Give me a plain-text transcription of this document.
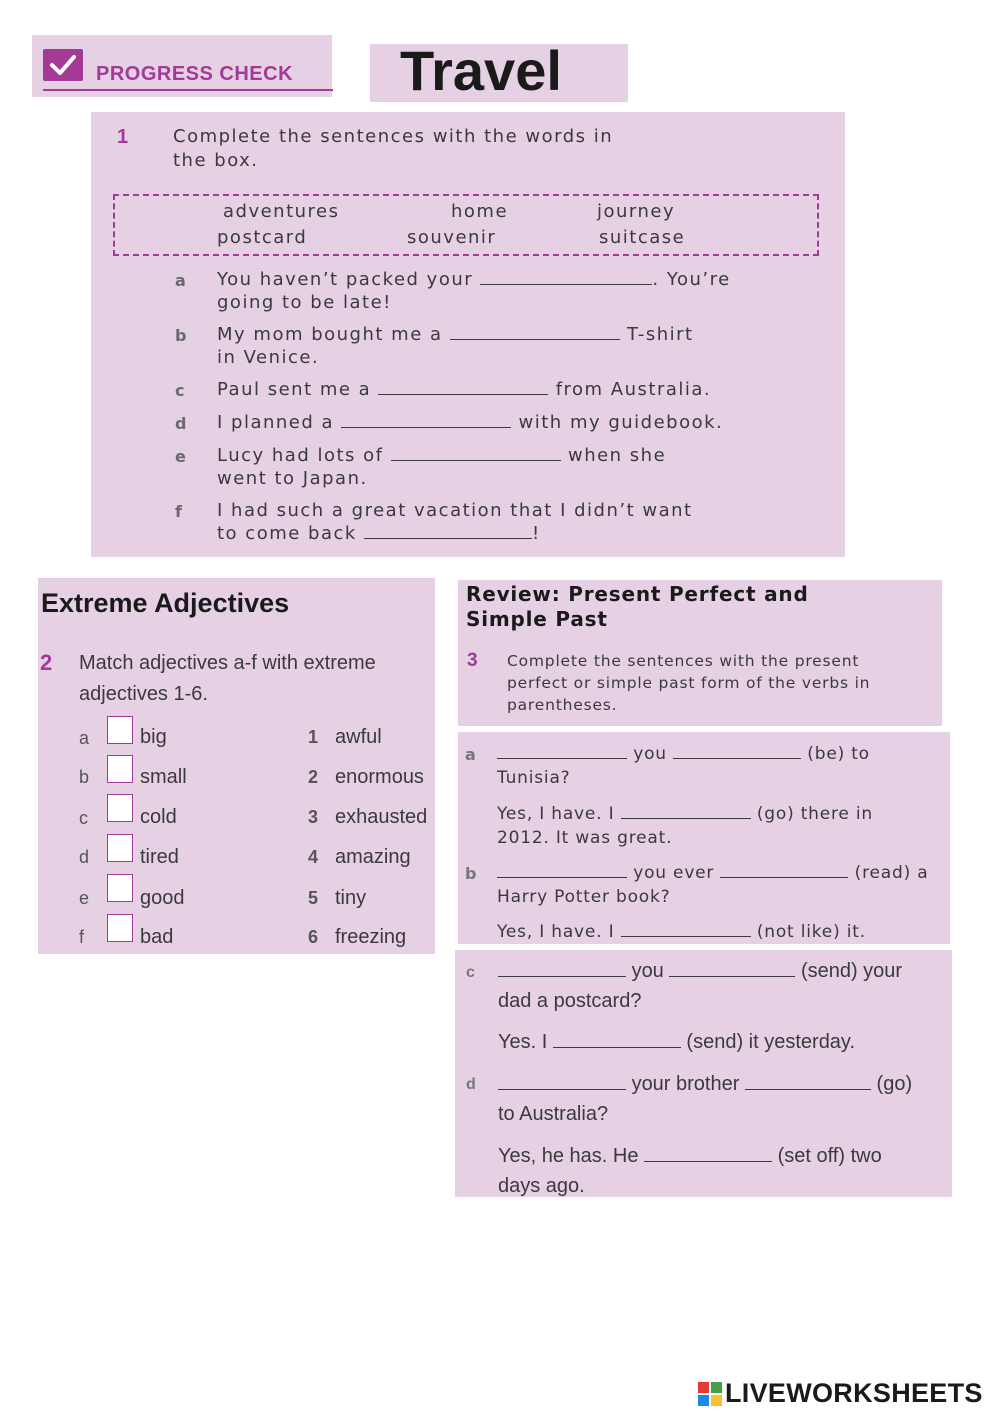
PROGRESS CHECK Travel
1 Complete the sentences with the words in
the box.
adventures	home	journey
postcard	souvenir	suitcase
a You haven’t packed your	. You’re
going to be late!
b My mom bought me a	T-shirt
in Venice.
c Paul sent me a	from Australia.
d I planned a	with my guidebook.
e Lucy had lots of	when she
went to Japan.
f I had such a great vacation that I didn’t want
to come back	!
Extreme Adjectives
2 Match adjectives a-f with extreme
adjectives 1-6.
a	big	1 awful
b	small	2 enormous
c	cold	3 exhausted
d	tired	4 amazing
e	good	5 tiny
f	bad	6 freezing
Review: Present Perfect and
Simple Past
3 Complete the sentences with the present
perfect or simple past form of the verbs in
parentheses.
a	you	(be) to
Tunisia?
Yes, I have. I	(go) there in
2012. It was great.
b	you ever	(read) a
Harry Potter book?
Yes, I have. I	(not like) it.
c	you	(send) your
dad a postcard?
Yes. I	(send) it yesterday.
d	your brother	(go)
to Australia?
Yes, he has. He	(set off) two
days ago.
LIVEWORKSHEETS
